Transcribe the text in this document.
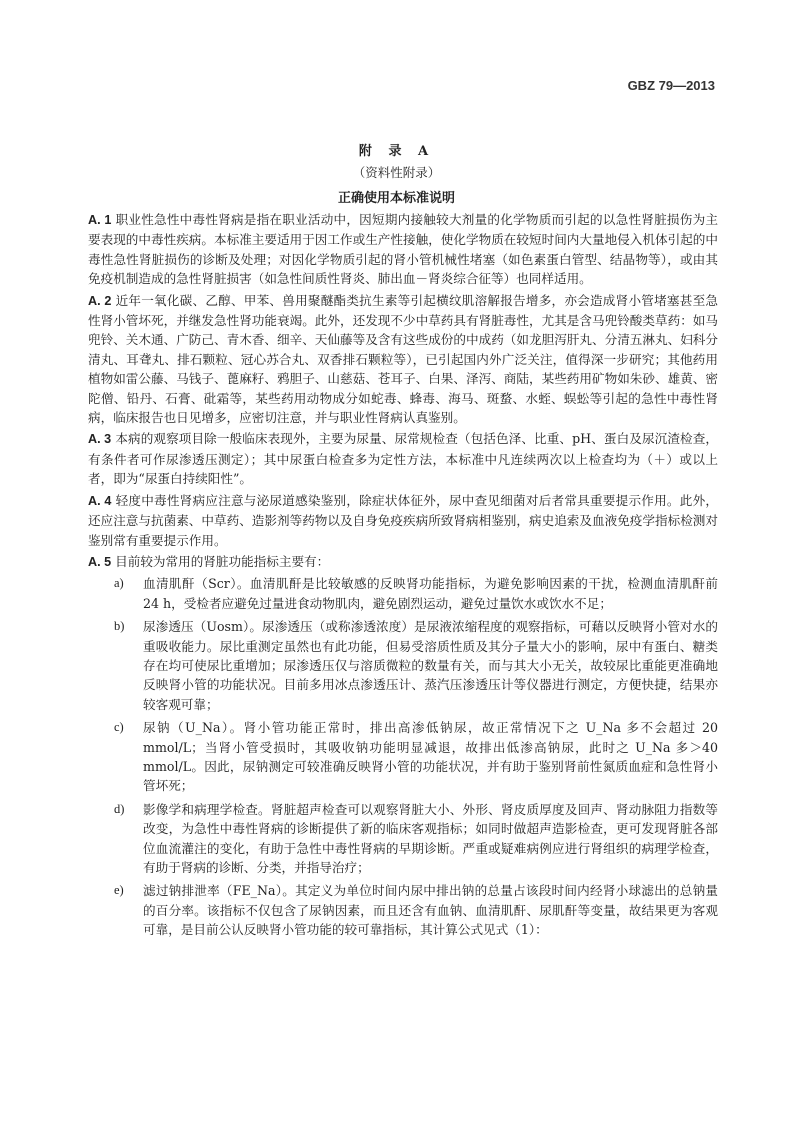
GBZ 79—2013
附 录 A
（资料性附录）
正确使用本标准说明

A. 1 职业性急性中毒性肾病是指在职业活动中，因短期内接触较大剂量的化学物质而引起的以急性肾脏损伤为主要表现的中毒性疾病。本标准主要适用于因工作或生产性接触，使化学物质在较短时间内大量地侵入机体引起的中毒性急性肾脏损伤的诊断及处理；对因化学物质引起的肾小管机械性堵塞（如色素蛋白管型、结晶物等），或由其免疫机制造成的急性肾脏损害（如急性间质性肾炎、肺出血－肾炎综合征等）也同样适用。

A. 2 近年一氧化碳、乙醇、甲苯、兽用聚醚酯类抗生素等引起横纹肌溶解报告增多，亦会造成肾小管堵塞甚至急性肾小管坏死，并继发急性肾功能衰竭。此外，还发现不少中草药具有肾脏毒性，尤其是含马兜铃酸类草药：如马兜铃、关木通、广防己、青木香、细辛、天仙藤等及含有这些成份的中成药（如龙胆泻肝丸、分清五淋丸、妇科分清丸、耳聋丸、排石颗粒、冠心苏合丸、双香排石颗粒等），已引起国内外广泛关注，值得深一步研究；其他药用植物如雷公藤、马钱子、蓖麻籽、鸦胆子、山慈菇、苍耳子、白果、泽泻、商陆，某些药用矿物如朱砂、雄黄、密陀僧、铅丹、石膏、砒霜等，某些药用动物成分如蛇毒、蜂毒、海马、斑蝥、水蛭、蜈蚣等引起的急性中毒性肾病，临床报告也日见增多，应密切注意，并与职业性肾病认真鉴别。

A. 3 本病的观察项目除一般临床表现外，主要为尿量、尿常规检查（包括色泽、比重、pH、蛋白及尿沉渣检查，有条件者可作尿渗透压测定）；其中尿蛋白检查多为定性方法，本标准中凡连续两次以上检查均为（＋）或以上者，即为“尿蛋白持续阳性”。

A. 4 轻度中毒性肾病应注意与泌尿道感染鉴别，除症状体征外，尿中查见细菌对后者常具重要提示作用。此外，还应注意与抗菌素、中草药、造影剂等药物以及自身免疫疾病所致肾病相鉴别，病史追索及血液免疫学指标检测对鉴别常有重要提示作用。

A. 5 目前较为常用的肾脏功能指标主要有：

a) 血清肌酐（Scr）。血清肌酐是比较敏感的反映肾功能指标，为避免影响因素的干扰，检测血清肌酐前 24 h，受检者应避免过量进食动物肌肉，避免剧烈运动，避免过量饮水或饮水不足；
b) 尿渗透压（Uosm）。尿渗透压（或称渗透浓度）是尿液浓缩程度的观察指标，可藉以反映肾小管对水的重吸收能力。尿比重测定虽然也有此功能，但易受溶质性质及其分子量大小的影响，尿中有蛋白、糖类存在均可使尿比重增加；尿渗透压仅与溶质微粒的数量有关，而与其大小无关，故较尿比重能更准确地反映肾小管的功能状况。目前多用冰点渗透压计、蒸汽压渗透压计等仪器进行测定，方便快捷，结果亦较客观可靠；
c) 尿钠（U_Na）。肾小管功能正常时，排出高渗低钠尿，故正常情况下之 U_Na 多不会超过 20 mmol/L；当肾小管受损时，其吸收钠功能明显减退，故排出低渗高钠尿，此时之 U_Na 多＞40 mmol/L。因此，尿钠测定可较准确反映肾小管的功能状况，并有助于鉴别肾前性氮质血症和急性肾小管坏死；
d) 影像学和病理学检查。肾脏超声检查可以观察肾脏大小、外形、肾皮质厚度及回声、肾动脉阻力指数等改变，为急性中毒性肾病的诊断提供了新的临床客观指标；如同时做超声造影检查，更可发现肾脏各部位血流灌注的变化，有助于急性中毒性肾病的早期诊断。严重或疑难病例应进行肾组织的病理学检查，有助于肾病的诊断、分类，并指导治疗；
e) 滤过钠排泄率（FE_Na）。其定义为单位时间内尿中排出钠的总量占该段时间内经肾小球滤出的总钠量的百分率。该指标不仅包含了尿钠因素，而且还含有血钠、血清肌酐、尿肌酐等变量，故结果更为客观可靠，是目前公认反映肾小管功能的较可靠指标，其计算公式见式（1）：
